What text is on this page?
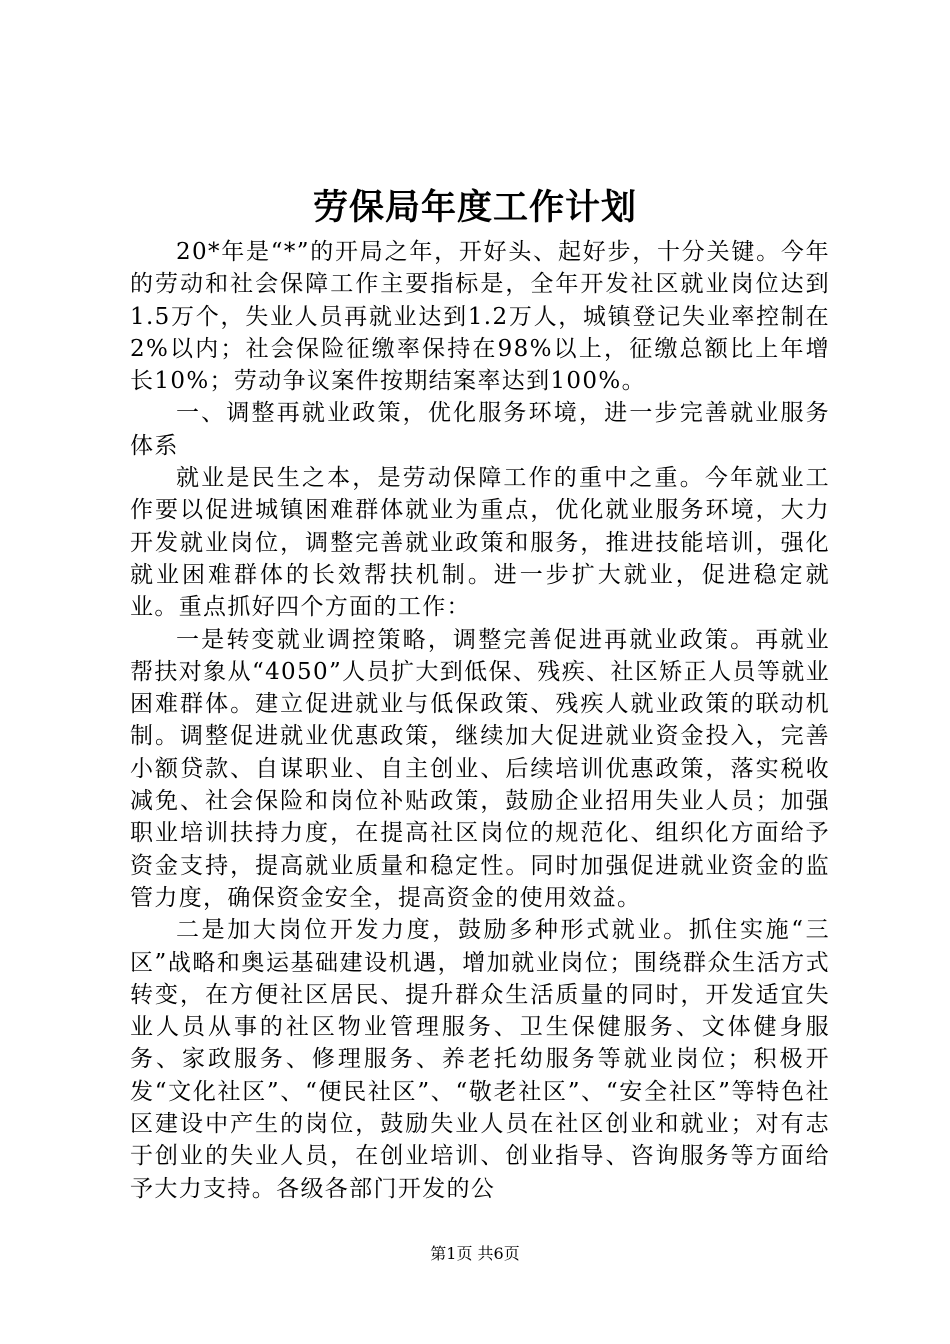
劳保局年度工作计划

20*年是“*”的开局之年，开好头、起好步，十分关键。今年的劳动和社会保障工作主要指标是，全年开发社区就业岗位达到1.5万个，失业人员再就业达到1.2万人，城镇登记失业率控制在2%以内；社会保险征缴率保持在98%以上，征缴总额比上年增长10%；劳动争议案件按期结案率达到100%。

一、调整再就业政策，优化服务环境，进一步完善就业服务体系

就业是民生之本，是劳动保障工作的重中之重。今年就业工作要以促进城镇困难群体就业为重点，优化就业服务环境，大力开发就业岗位，调整完善就业政策和服务，推进技能培训，强化就业困难群体的长效帮扶机制。进一步扩大就业，促进稳定就业。重点抓好四个方面的工作：

一是转变就业调控策略，调整完善促进再就业政策。再就业帮扶对象从“4050”人员扩大到低保、残疾、社区矫正人员等就业困难群体。建立促进就业与低保政策、残疾人就业政策的联动机制。调整促进就业优惠政策，继续加大促进就业资金投入，完善小额贷款、自谋职业、自主创业、后续培训优惠政策，落实税收减免、社会保险和岗位补贴政策，鼓励企业招用失业人员；加强职业培训扶持力度，在提高社区岗位的规范化、组织化方面给予资金支持，提高就业质量和稳定性。同时加强促进就业资金的监管力度，确保资金安全，提高资金的使用效益。

二是加大岗位开发力度，鼓励多种形式就业。抓住实施“三区”战略和奥运基础建设机遇，增加就业岗位；围绕群众生活方式转变，在方便社区居民、提升群众生活质量的同时，开发适宜失业人员从事的社区物业管理服务、卫生保健服务、文体健身服务、家政服务、修理服务、养老托幼服务等就业岗位；积极开发“文化社区”、“便民社区”、“敬老社区”、“安全社区”等特色社区建设中产生的岗位，鼓励失业人员在社区创业和就业；对有志于创业的失业人员，在创业培训、创业指导、咨询服务等方面给予大力支持。各级各部门开发的公

第1页 共6页
